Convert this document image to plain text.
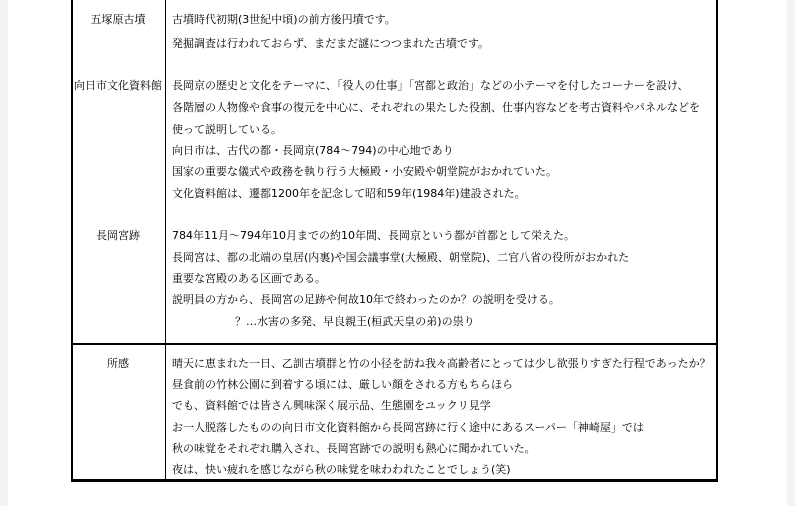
五塚原古墳	古墳時代初期(3世紀中頃)の前方後円墳です。
発掘調査は行われておらず、まだまだ謎につつまれた古墳です。
向日市文化資料館 長岡京の歴史と文化をテーマに、「役人の仕事」「宮都と政治」などの小テーマを付したコーナーを設け、
各階層の人物像や食事の復元を中心に、それぞれの果たした役割、仕事内容などを考古資料やパネルなどを
使って説明している。
向日市は、古代の都・長岡京(784～794)の中心地であり
国家の重要な儀式や政務を執り行う大極殿・小安殿や朝堂院がおかれていた。
文化資料館は、遷都1200年を記念して昭和59年(1984年)建設された。
長岡宮跡	784年11月～794年10月までの約10年間、長岡京という都が首都として栄えた。
長岡宮は、都の北端の皇居(内裏)や国会議事堂(大極殿、朝堂院)、二官八省の役所がおかれた
重要な宮殿のある区画である。
説明員の方から、長岡宮の足跡や何故10年で終わったのか？の説明を受ける。
？…水害の多発、早良親王(桓武天皇の弟)の祟り
所感	晴天に恵まれた一日、乙訓古墳群と竹の小径を訪ね我々高齢者にとっては少し欲張りすぎた行程であったか？
昼食前の竹林公園に到着する頃には、厳しい顔をされる方もちらほら
でも、資料館では皆さん興味深く展示品、生態園をユックリ見学
お一人脱落したものの向日市文化資料館から長岡宮跡に行く途中にあるスーパー「神崎屋」では
秋の味覚をそれぞれ購入され、長岡宮跡での説明も熱心に聞かれていた。
夜は、快い疲れを感じながら秋の味覚を味わわれたことでしょう(笑)
